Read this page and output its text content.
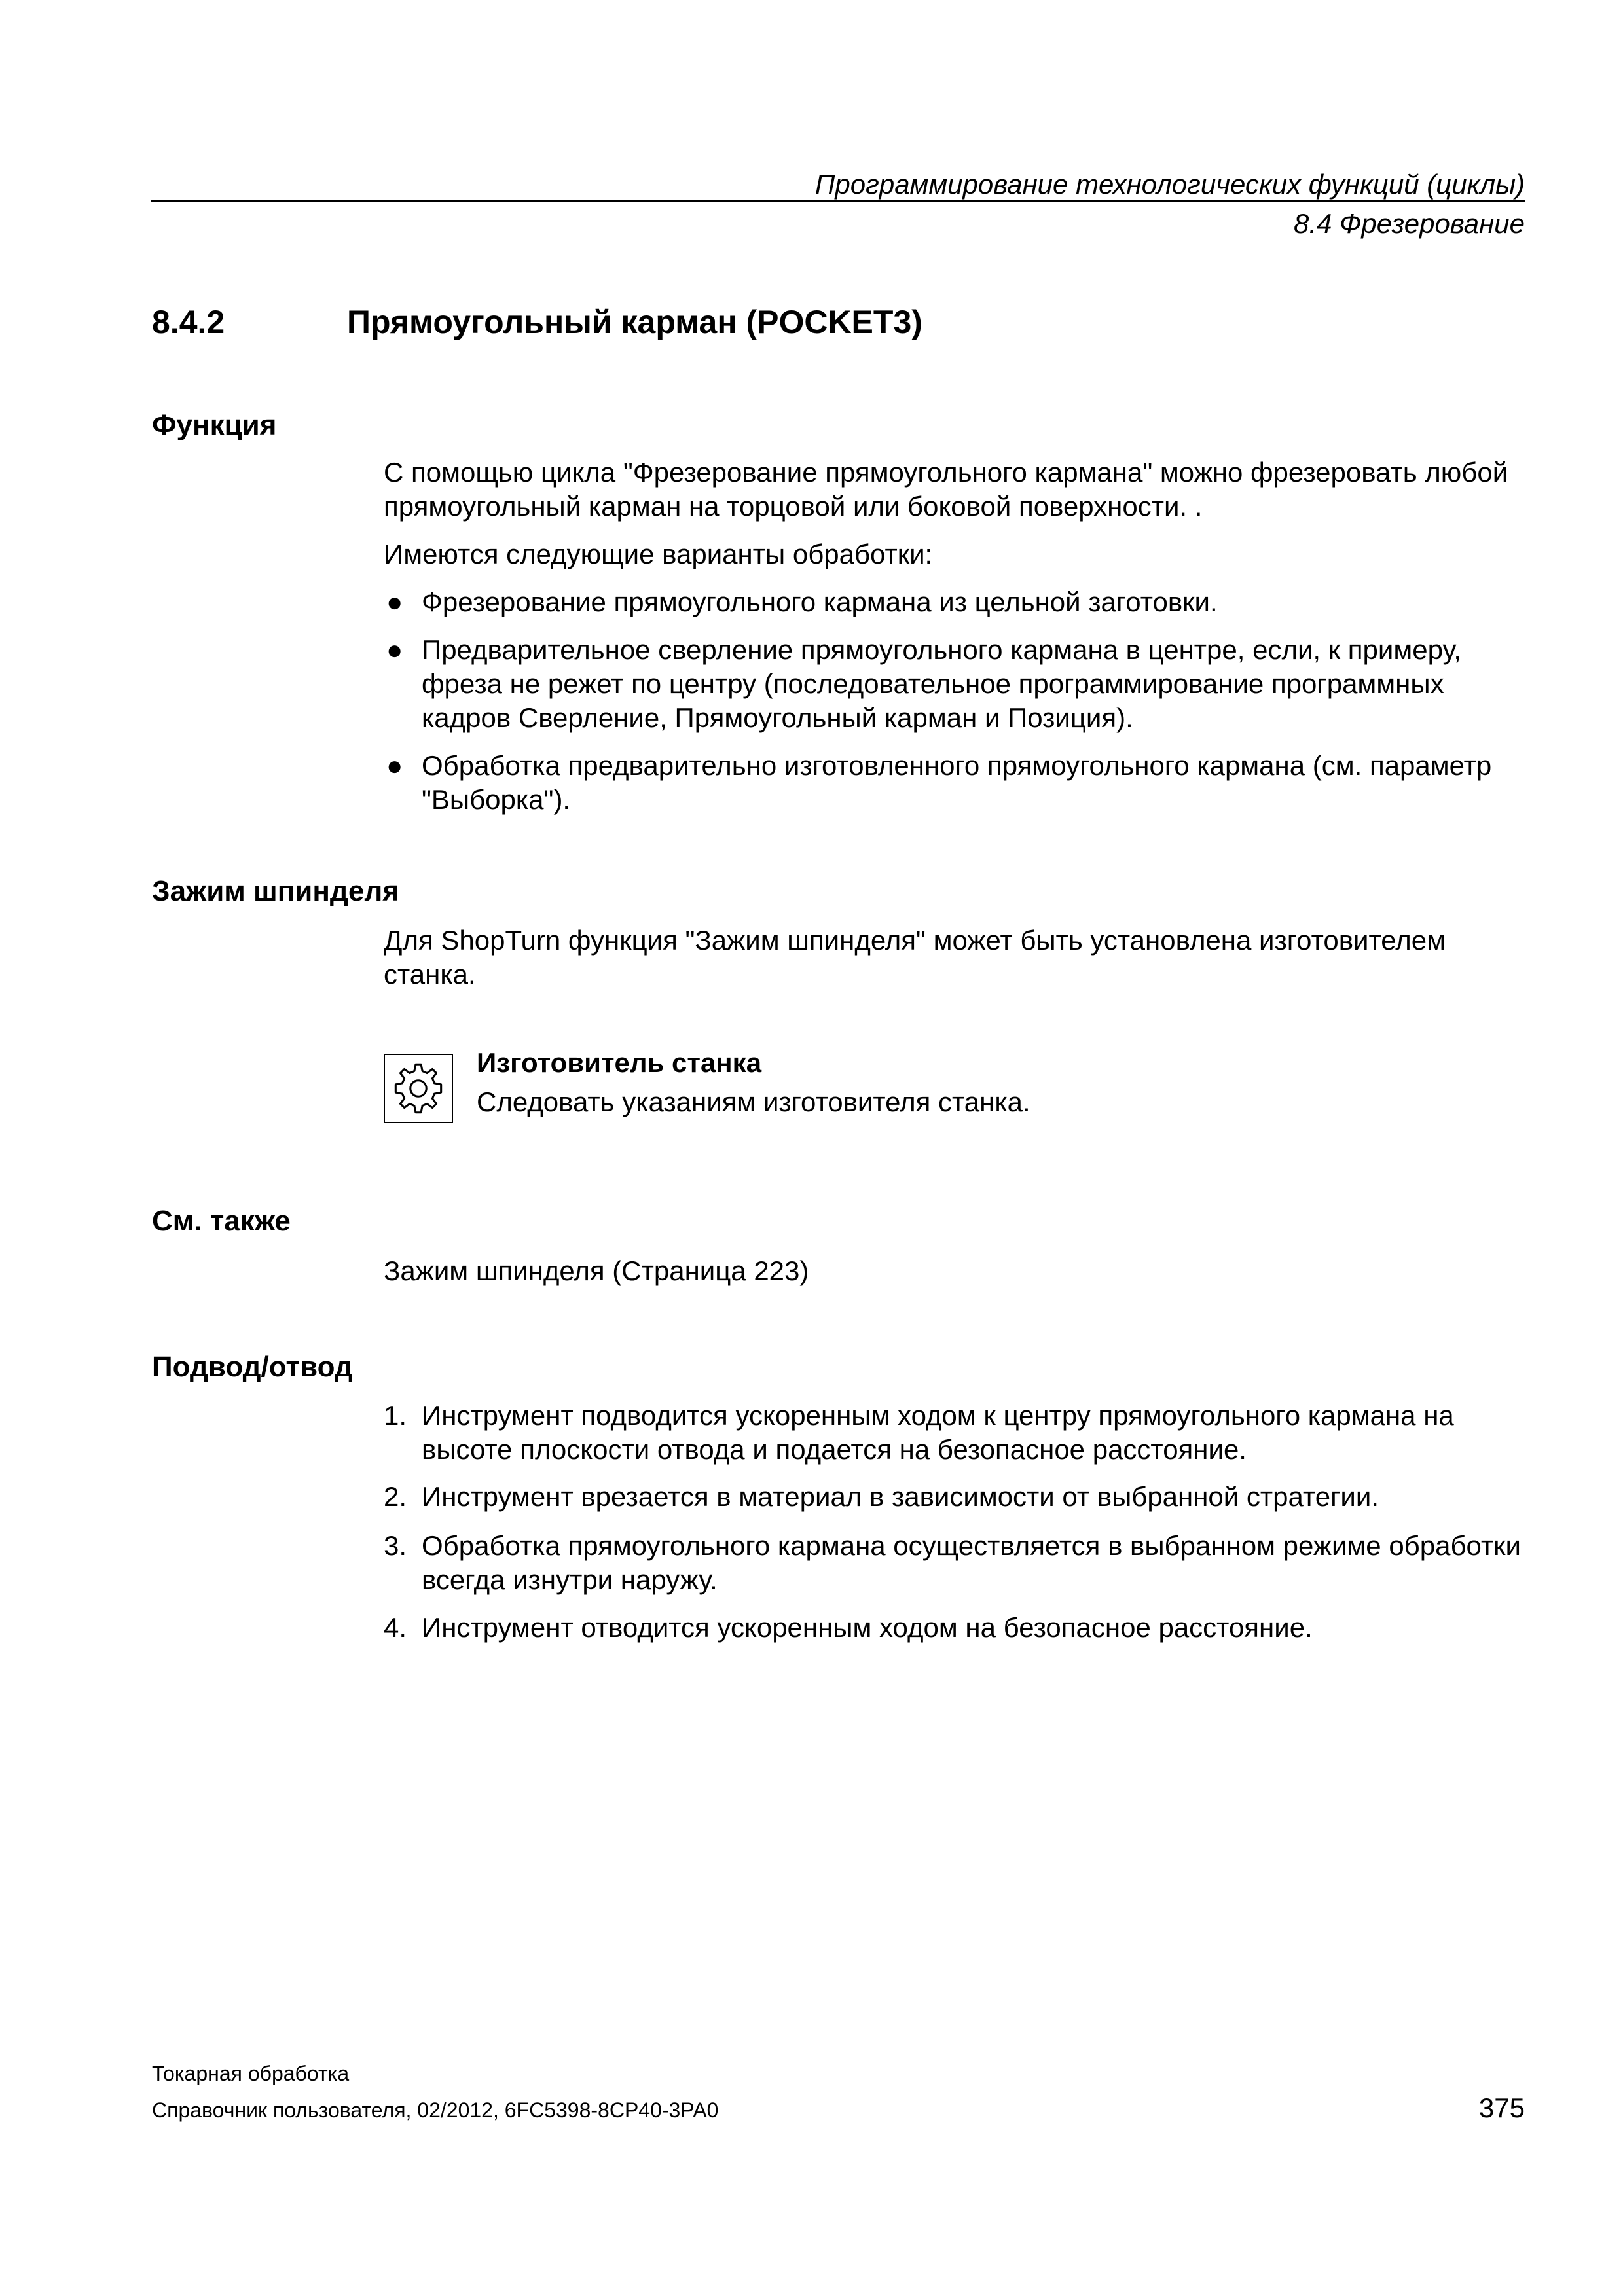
Программирование технологических функций (циклы)
8.4 Фрезерование
8.4.2	Прямоугольный карман (POCKET3)
Функция

С помощью цикла "Фрезерование прямоугольного кармана" можно фрезеровать любой прямоугольный карман на торцовой или боковой поверхности. .

Имеются следующие варианты обработки:

● Фрезерование прямоугольного кармана из цельной заготовки.
● Предварительное сверление прямоугольного кармана в центре, если, к примеру, фреза не режет по центру (последовательное программирование программных кадров Сверление, Прямоугольный карман и Позиция).
● Обработка предварительно изготовленного прямоугольного кармана (см. параметр "Выборка").
Зажим шпинделя

Для ShopTurn функция "Зажим шпинделя" может быть установлена изготовителем станка.

Изготовитель станка
Следовать указаниям изготовителя станка.
См. также

Зажим шпинделя (Страница 223)

Подвод/отвод
1. Инструмент подводится ускоренным ходом к центру прямоугольного кармана на высоте плоскости отвода и подается на безопасное расстояние.
2. Инструмент врезается в материал в зависимости от выбранной стратегии.
3. Обработка прямоугольного кармана осуществляется в выбранном режиме обработки всегда изнутри наружу.
4. Инструмент отводится ускоренным ходом на безопасное расстояние.
Токарная обработка
Справочник пользователя, 02/2012, 6FC5398-8CP40-3PA0	375
